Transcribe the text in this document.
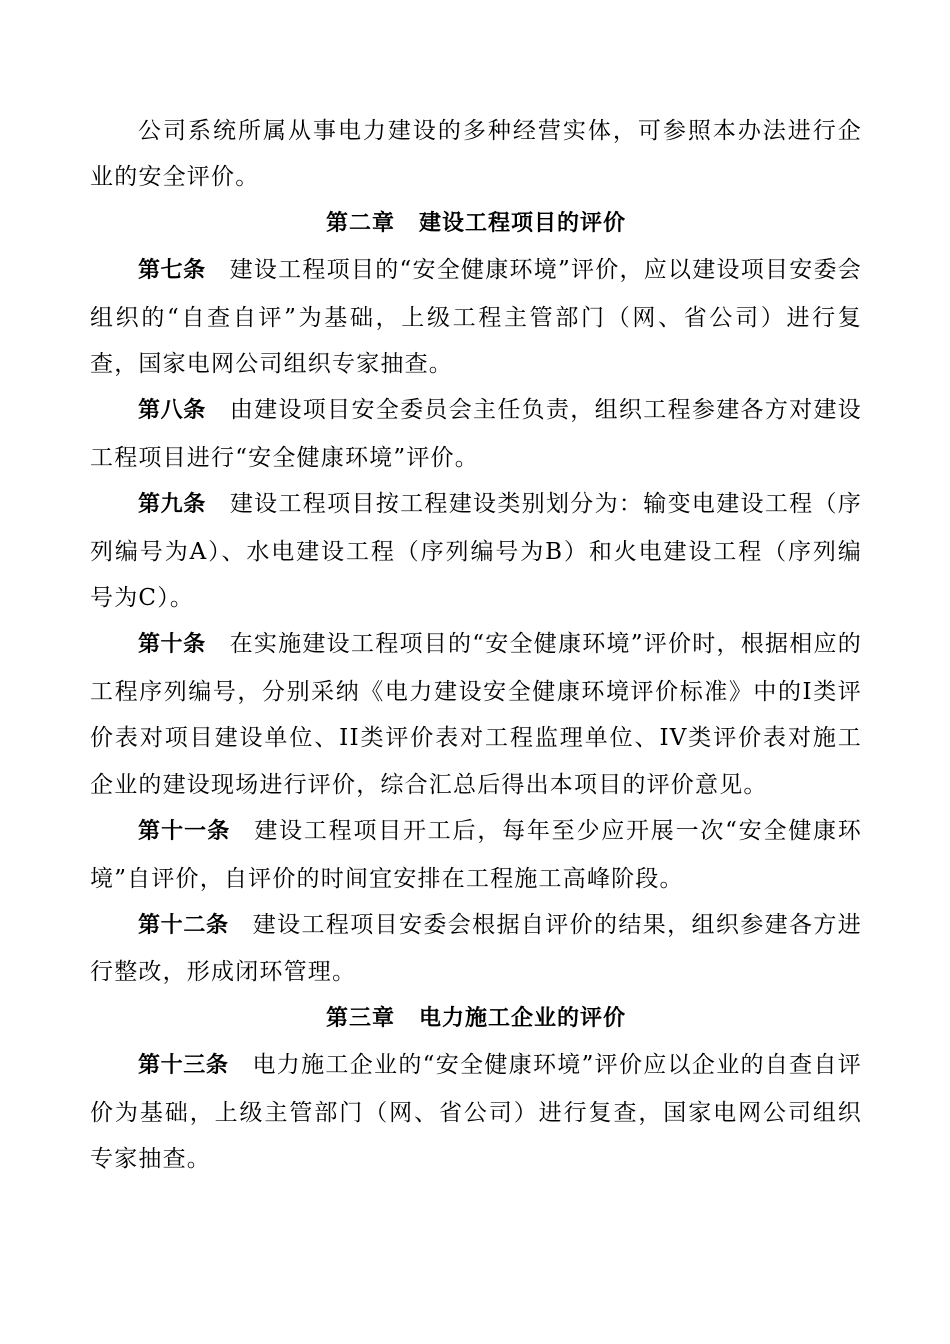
公司系统所属从事电力建设的多种经营实体，可参照本办法进行企业的安全评价。

第二章 建设工程项目的评价

第七条 建设工程项目的“安全健康环境”评价，应以建设项目安委会组织的“自查自评”为基础，上级工程主管部门（网、省公司）进行复查，国家电网公司组织专家抽查。

第八条 由建设项目安全委员会主任负责，组织工程参建各方对建设工程项目进行“安全健康环境”评价。

第九条 建设工程项目按工程建设类别划分为：输变电建设工程（序列编号为A）、水电建设工程（序列编号为B）和火电建设工程（序列编号为C）。

第十条 在实施建设工程项目的“安全健康环境”评价时，根据相应的工程序列编号，分别采纳《电力建设安全健康环境评价标准》中的I类评价表对项目建设单位、II类评价表对工程监理单位、IV类评价表对施工企业的建设现场进行评价，综合汇总后得出本项目的评价意见。

第十一条 建设工程项目开工后，每年至少应开展一次“安全健康环境”自评价，自评价的时间宜安排在工程施工高峰阶段。

第十二条 建设工程项目安委会根据自评价的结果，组织参建各方进行整改，形成闭环管理。

第三章 电力施工企业的评价

第十三条 电力施工企业的“安全健康环境”评价应以企业的自查自评价为基础，上级主管部门（网、省公司）进行复查，国家电网公司组织专家抽查。
